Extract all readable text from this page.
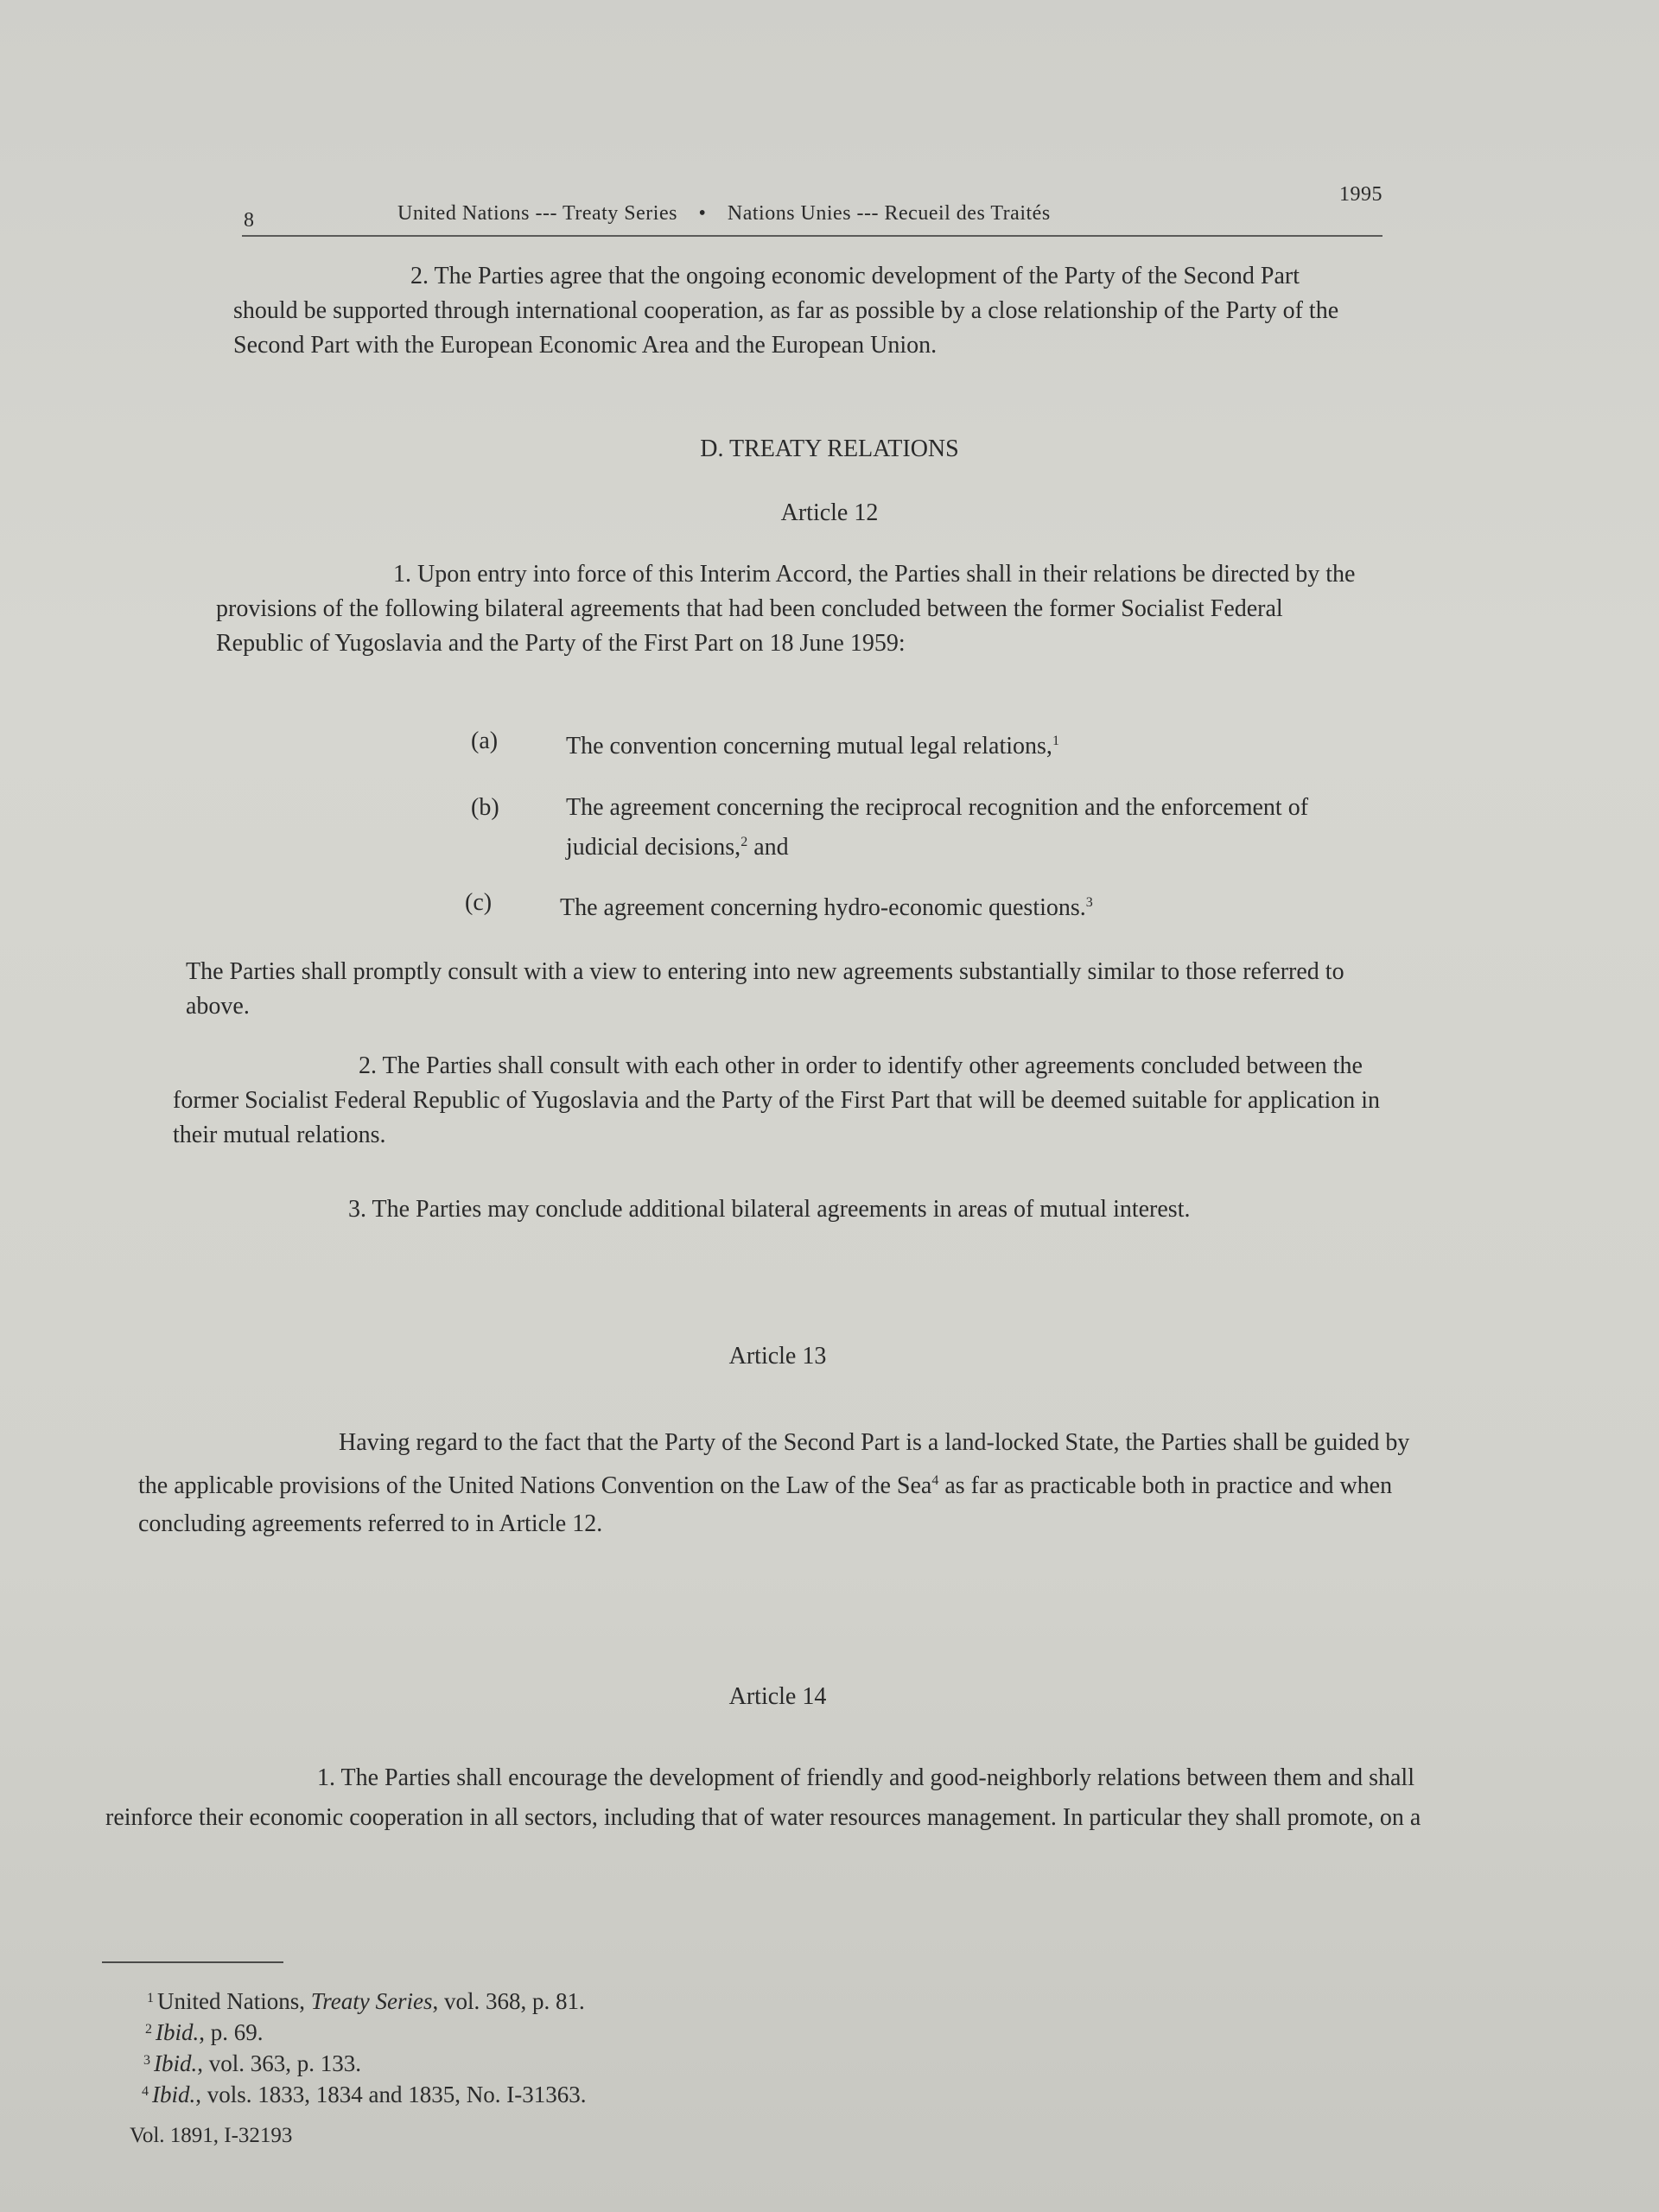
8	United Nations --- Treaty Series • Nations Unies --- Recueil des Traités
1995

2. The Parties agree that the ongoing economic development of the Party of the Second Part should be supported through international cooperation, as far as possible by a close relationship of the Party of the Second Part with the European Economic Area and the European Union.

D. TREATY RELATIONS
Article 12

1. Upon entry into force of this Interim Accord, the Parties shall in their relations be directed by the provisions of the following bilateral agreements that had been concluded between the former Socialist Federal Republic of Yugoslavia and the Party of the First Part on 18 June 1959:

(a)	The convention concerning mutual legal relations,$^1$
(b)	The agreement concerning the reciprocal recognition and the enforcement of judicial decisions,$^2$ and
(c)	The agreement concerning hydro-economic questions.$^3$

The Parties shall promptly consult with a view to entering into new agreements substantially similar to those referred to above.

2. The Parties shall consult with each other in order to identify other agreements concluded between the former Socialist Federal Republic of Yugoslavia and the Party of the First Part that will be deemed suitable for application in their mutual relations.

3. The Parties may conclude additional bilateral agreements in areas of mutual interest.

Article 13

Having regard to the fact that the Party of the Second Part is a land-locked State, the Parties shall be guided by the applicable provisions of the United Nations Convention on the Law of the Sea$^4$ as far as practicable both in practice and when concluding agreements referred to in Article 12.

Article 14

1. The Parties shall encourage the development of friendly and good-neighborly relations between them and shall reinforce their economic cooperation in all sectors, including that of water resources management. In particular they shall promote, on a

$^1$ United Nations, Treaty Series, vol. 368, p. 81.
$^2$ Ibid., p. 69.
$^3$ Ibid., vol. 363, p. 133.
$^4$ Ibid., vols. 1833, 1834 and 1835, No. I-31363.
Vol. 1891, I-32193
